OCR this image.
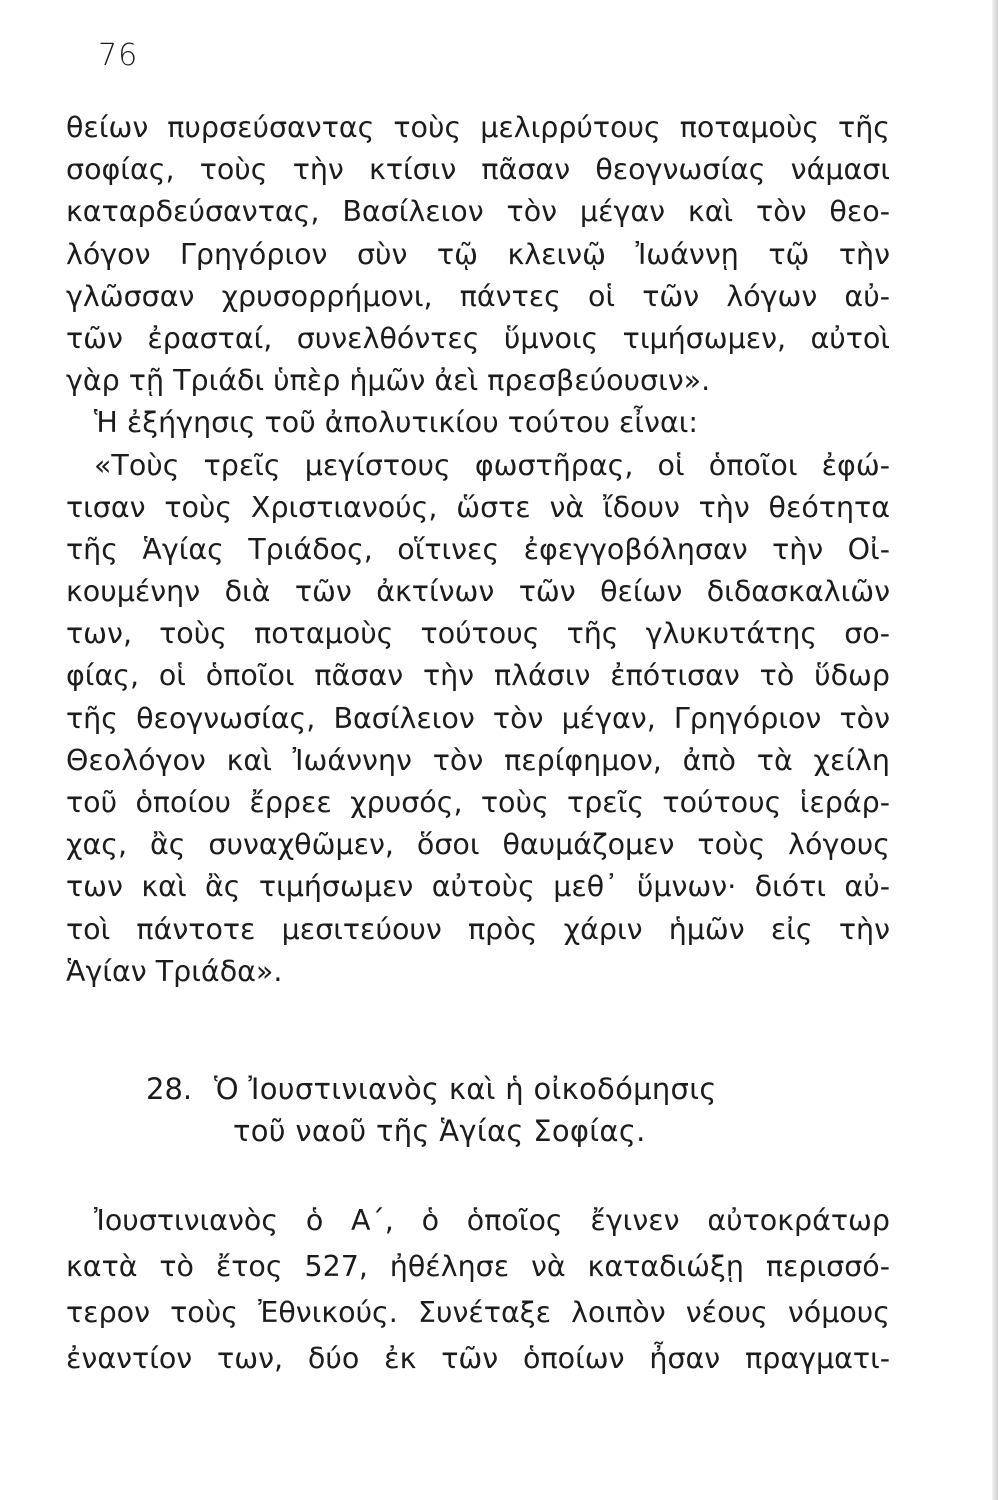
76
θείων πυρσεύσαντας τοὺς μελιρρύτους ποταμοὺς τῆς
σοφίας, τοὺς τὴν κτίσιν πᾶσαν θεογνωσίας νάμασι
καταρδεύσαντας, Βασίλειον τὸν μέγαν καὶ τὸν θεο-
λόγον Γρηγόριον σὺν τῷ κλεινῷ Ἰωάννῃ τῷ τὴν
γλῶσσαν χρυσορρήμονι, πάντες οἱ τῶν λόγων αὐ-
τῶν ἐρασταί, συνελθόντες ὕμνοις τιμήσωμεν, αὐτοὶ
γὰρ τῇ Τριάδι ὑπὲρ ἡμῶν ἀεὶ πρεσβεύουσιν».
Ἡ ἐξήγησις τοῦ ἀπολυτικίου τούτου εἶναι:
«Τοὺς τρεῖς μεγίστους φωστῆρας, οἱ ὁποῖοι ἐφώ-
τισαν τοὺς Χριστιανούς, ὥστε νὰ ἴδουν τὴν θεότητα
τῆς Ἁγίας Τριάδος, οἵτινες ἐφεγγοβόλησαν τὴν Οἰ-
κουμένην διὰ τῶν ἀκτίνων τῶν θείων διδασκαλιῶν
των, τοὺς ποταμοὺς τούτους τῆς γλυκυτάτης σο-
φίας, οἱ ὁποῖοι πᾶσαν τὴν πλάσιν ἐπότισαν τὸ ὕδωρ
τῆς θεογνωσίας, Βασίλειον τὸν μέγαν, Γρηγόριον τὸν
Θεολόγον καὶ Ἰωάννην τὸν περίφημον, ἀπὸ τὰ χείλη
τοῦ ὁποίου ἔρρεε χρυσός, τοὺς τρεῖς τούτους ἱεράρ-
χας, ἂς συναχθῶμεν, ὅσοι θαυμάζομεν τοὺς λόγους
των καὶ ἂς τιμήσωμεν αὐτοὺς μεθ᾽ ὕμνων· διότι αὐ-
τοὶ πάντοτε μεσιτεύουν πρὸς χάριν ἡμῶν εἰς τὴν
Ἁγίαν Τριάδα».
28. Ὁ Ἰουστινιανὸς καὶ ἡ οἰκοδόμησις
τοῦ ναοῦ τῆς Ἁγίας Σοφίας.
Ἰουστινιανὸς ὁ Α΄, ὁ ὁποῖος ἔγινεν αὐτοκράτωρ
κατὰ τὸ ἔτος 527, ἠθέλησε νὰ καταδιώξῃ περισσό-
τερον τοὺς Ἐθνικούς. Συνέταξε λοιπὸν νέους νόμους
ἐναντίον των, δύο ἐκ τῶν ὁποίων ἦσαν πραγματι-
